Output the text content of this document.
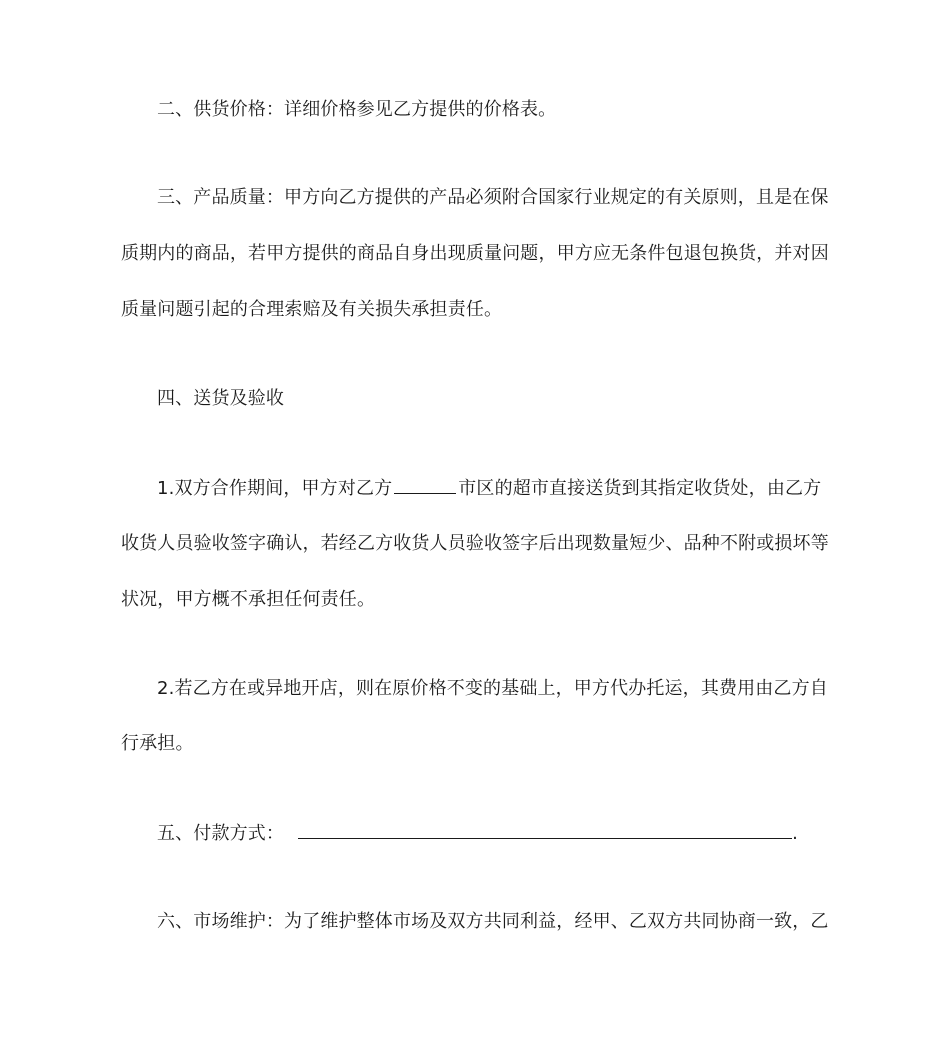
二、供货价格：详细价格参见乙方提供的价格表。
三、产品质量：甲方向乙方提供的产品必须附合国家行业规定的有关原则，且是在保
质期内的商品，若甲方提供的商品自身出现质量问题，甲方应无条件包退包换货，并对因
质量问题引起的合理索赔及有关损失承担责任。
四、送货及验收
1.双方合作期间，甲方对乙方	市区的超市直接送货到其指定收货处，由乙方
收货人员验收签字确认，若经乙方收货人员验收签字后出现数量短少、品种不附或损坏等
状况，甲方概不承担任何责任。
2.若乙方在或异地开店，则在原价格不变的基础上，甲方代办托运，其费用由乙方自
行承担。
五、付款方式：	.
六、市场维护：为了维护整体市场及双方共同利益，经甲、乙双方共同协商一致，乙
